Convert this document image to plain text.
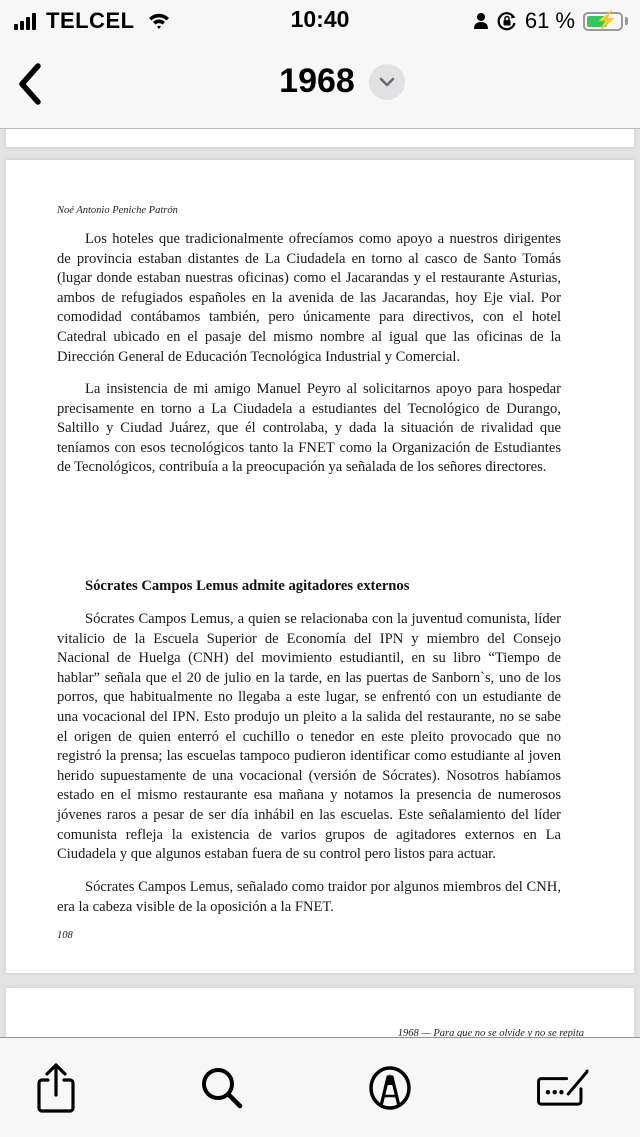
TELCEL	10:40	61 % ⚡
1968
Noé Antonio Peniche Patrón

Los hoteles que tradicionalmente ofrecíamos como apoyo a nuestros dirigentes de provincia estaban distantes de La Ciudadela en torno al casco de Santo Tomás (lugar donde estaban nuestras oficinas) como el Jacarandas y el restaurante Asturias, ambos de refugiados españoles en la avenida de las Jacarandas, hoy Eje vial. Por comodidad contábamos también, pero únicamente para directivos, con el hotel Catedral ubicado en el pasaje del mismo nombre al igual que las oficinas de la Dirección General de Educación Tecnológica Industrial y Comercial.

La insistencia de mi amigo Manuel Peyro al solicitarnos apoyo para hospedar precisamente en torno a La Ciudadela a estudiantes del Tecnológico de Durango, Saltillo y Ciudad Juárez, que él controlaba, y dada la situación de rivalidad que teníamos con esos tecnológicos tanto la FNET como la Organización de Estudiantes de Tecnológicos, contribuía a la preocupación ya señalada de los señores directores.

Sócrates Campos Lemus admite agitadores externos

Sócrates Campos Lemus, a quien se relacionaba con la juventud comunista, líder vitalicio de la Escuela Superior de Economía del IPN y miembro del Consejo Nacional de Huelga (CNH) del movimiento estudiantil, en su libro “Tiempo de hablar” señala que el 20 de julio en la tarde, en las puertas de Sanborn`s, uno de los porros, que habitualmente no llegaba a este lugar, se enfrentó con un estudiante de una vocacional del IPN. Esto produjo un pleito a la salida del restaurante, no se sabe el origen de quien enterró el cuchillo o tenedor en este pleito provocado que no registró la prensa; las escuelas tampoco pudieron identificar como estudiante al joven herido supuestamente de una vocacional (versión de Sócrates). Nosotros habíamos estado en el mismo restaurante esa mañana y notamos la presencia de numerosos jóvenes raros a pesar de ser día inhábil en las escuelas. Este señalamiento del líder comunista refleja la existencia de varios grupos de agitadores externos en La Ciudadela y que algunos estaban fuera de su control pero listos para actuar.

Sócrates Campos Lemus, señalado como traidor por algunos miembros del CNH, era la cabeza visible de la oposición a la FNET.

108
1968 — Para que no se olvide y no se repita
